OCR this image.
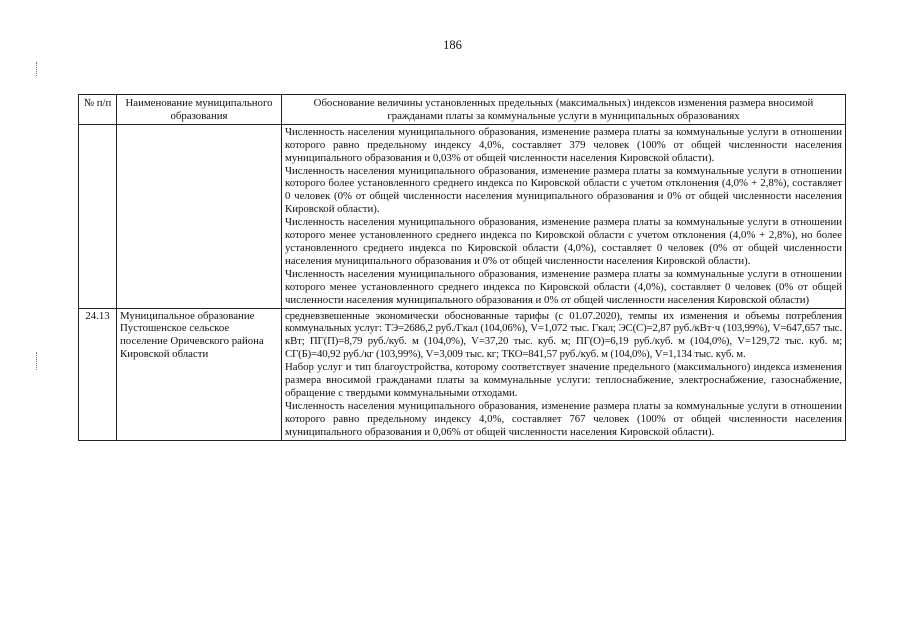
186
№ п/п	Наименование муниципального образования	Обоснование величины установленных предельных (максимальных) индексов изменения размера вносимой гражданами платы за коммунальные услуги в муниципальных образованиях

		Численность населения муниципального образования, изменение размера платы за коммунальные услуги в отношении которого равно предельному индексу 4,0%, составляет 379 человек (100% от общей численности населения муниципального образования и 0,03% от общей численности населения Кировской области).

Численность населения муниципального образования, изменение размера платы за коммунальные услуги в отношении которого более установленного среднего индекса по Кировской области с учетом отклонения (4,0% + 2,8%), составляет 0 человек (0% от общей численности населения муниципального образования и 0% от общей численности населения Кировской области).

Численность населения муниципального образования, изменение размера платы за коммунальные услуги в отношении которого менее установленного среднего индекса по Кировской области с учетом отклонения (4,0% + 2,8%), но более установленного среднего индекса по Кировской области (4,0%), составляет 0 человек (0% от общей численности населения муниципального образования и 0% от общей численности населения Кировской области).

Численность населения муниципального образования, изменение размера платы за коммунальные услуги в отношении которого менее установленного среднего индекса по Кировской области (4,0%), составляет 0 человек (0% от общей численности населения муниципального образования и 0% от общей численности населения Кировской области)

24.13	Муниципальное образование Пустошенское сельское поселение Оричевского района Кировской области	средневзвешенные экономически обоснованные тарифы (с 01.07.2020), темпы их изменения и объемы потребления коммунальных услуг: ТЭ=2686,2 руб./Гкал (104,06%), V=1,072 тыс. Гкал; ЭС(С)=2,87 руб./кВт·ч (103,99%), V=647,657 тыс. кВт; ПГ(П)=8,79 руб./куб. м (104,0%), V=37,20 тыс. куб. м; ПГ(О)=6,19 руб./куб. м (104,0%), V=129,72 тыс. куб. м; СГ(Б)=40,92 руб./кг (103,99%), V=3,009 тыс. кг; ТКО=841,57 руб./куб. м (104,0%), V=1,134 тыс. куб. м.

Набор услуг и тип благоустройства, которому соответствует значение предельного (максимального) индекса изменения размера вносимой гражданами платы за коммунальные услуги: теплоснабжение, электроснабжение, газоснабжение, обращение с твердыми коммунальными отходами.

Численность населения муниципального образования, изменение размера платы за коммунальные услуги в отношении которого равно предельному индексу 4,0%, составляет 767 человек (100% от общей численности населения муниципального образования и 0,06% от общей численности населения Кировской области).
